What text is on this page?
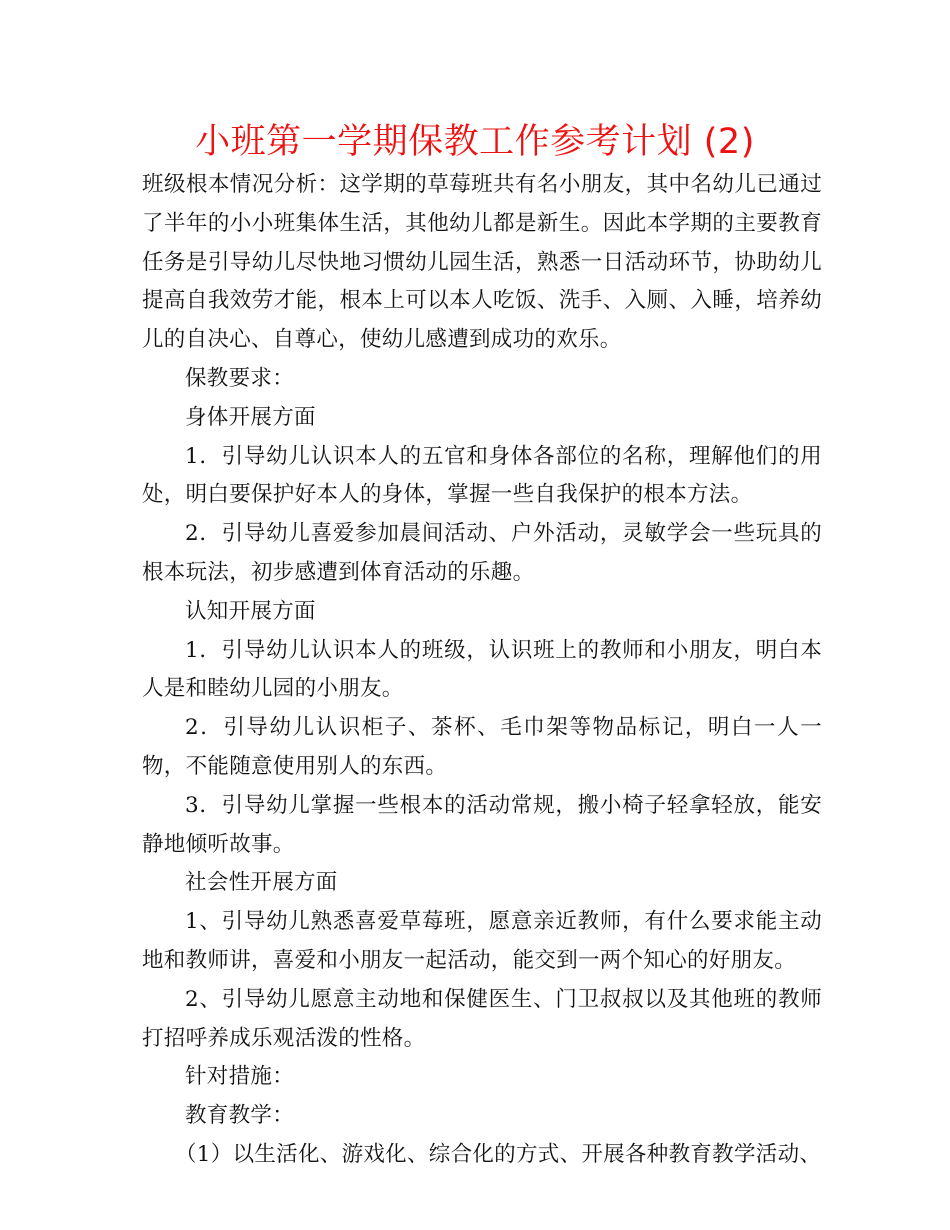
小班第一学期保教工作参考计划 (2)

班级根本情况分析：这学期的草莓班共有名小朋友，其中名幼儿已通过了半年的小小班集体生活，其他幼儿都是新生。因此本学期的主要教育任务是引导幼儿尽快地习惯幼儿园生活，熟悉一日活动环节，协助幼儿提高自我效劳才能，根本上可以本人吃饭、洗手、入厕、入睡，培养幼儿的自决心、自尊心，使幼儿感遭到成功的欢乐。

保教要求：

身体开展方面

1．引导幼儿认识本人的五官和身体各部位的名称，理解他们的用处，明白要保护好本人的身体，掌握一些自我保护的根本方法。

2．引导幼儿喜爱参加晨间活动、户外活动，灵敏学会一些玩具的根本玩法，初步感遭到体育活动的乐趣。

认知开展方面

1．引导幼儿认识本人的班级，认识班上的教师和小朋友，明白本人是和睦幼儿园的小朋友。

2．引导幼儿认识柜子、茶杯、毛巾架等物品标记，明白一人一物，不能随意使用别人的东西。

3．引导幼儿掌握一些根本的活动常规，搬小椅子轻拿轻放，能安静地倾听故事。

社会性开展方面

1、引导幼儿熟悉喜爱草莓班，愿意亲近教师，有什么要求能主动地和教师讲，喜爱和小朋友一起活动，能交到一两个知心的好朋友。

2、引导幼儿愿意主动地和保健医生、门卫叔叔以及其他班的教师打招呼养成乐观活泼的性格。

针对措施：

教育教学：

（1）以生活化、游戏化、综合化的方式、开展各种教育教学活动、
